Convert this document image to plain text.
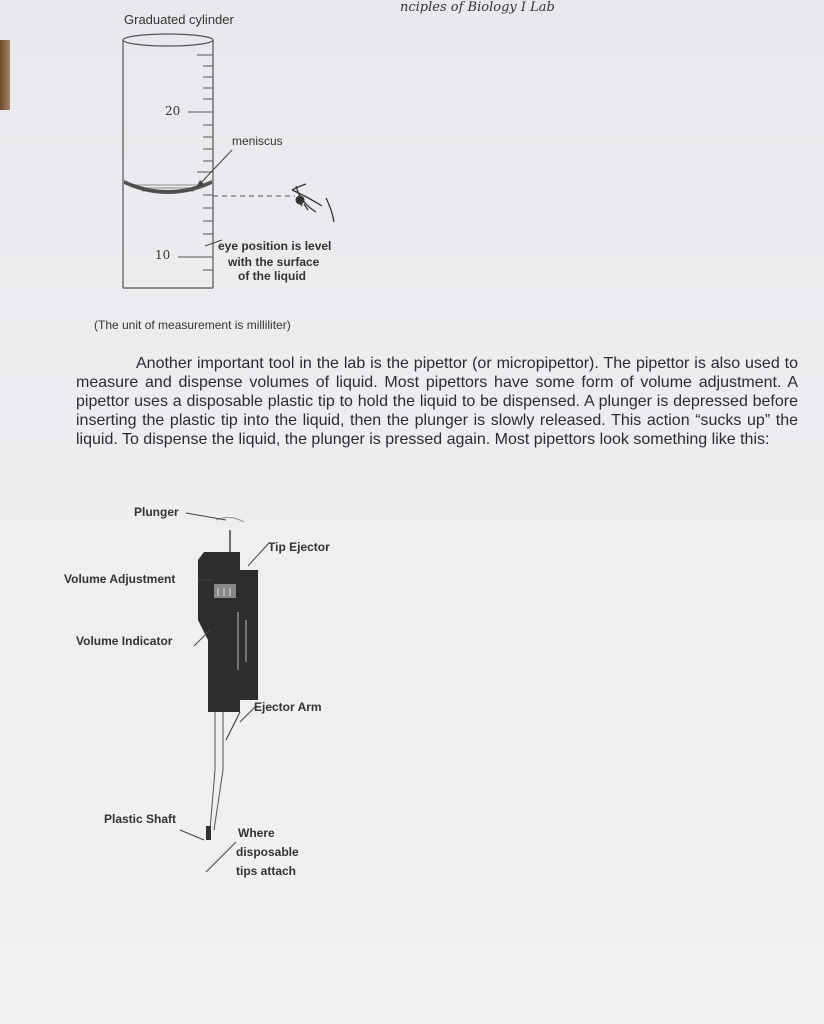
nciples of Biology I Lab
Graduated cylinder
20
10
meniscus
eye position is level
with the surface
of the liquid
(The unit of measurement is milliliter)

Another important tool in the lab is the pipettor (or micropipettor). The pipettor is also used to measure and dispense volumes of liquid. Most pipettors have some form of volume adjustment. A pipettor uses a disposable plastic tip to hold the liquid to be dispensed. A plunger is depressed before inserting the plastic tip into the liquid, then the plunger is slowly released. This action “sucks up” the liquid. To dispense the liquid, the plunger is pressed again. Most pipettors look something like this:

Plunger
Tip Ejector
Volume Adjustment
Volume Indicator
Ejector Arm
Plastic Shaft
Where
disposable
tips attach
